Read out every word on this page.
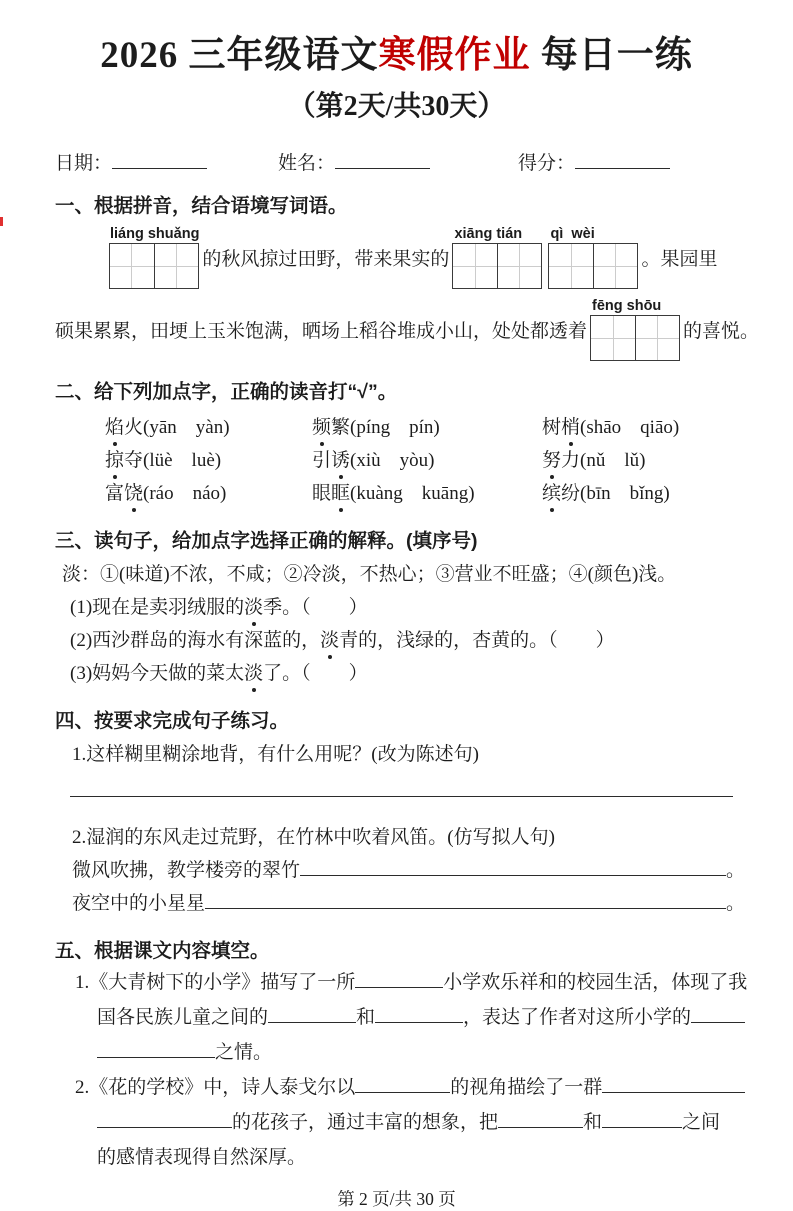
2026 三年级语文寒假作业 每日一练
（第2天/共30天）
日期：	姓名：	得分：
一、根据拼音，结合语境写词语。
liáng shuǎng
的秋风掠过田野，带来果实的
xiāng tián qì  wèi
。果园里
硕果累累，田埂上玉米饱满，晒场上稻谷堆成小山，处处都透着
fēng shōu
的喜悦。
二、给下列加点字，正确的读音打“√”。
焰 火(yān　yàn)	频 繁(píng　pín)	树 梢 (shāo　qiāo)
掠 夺(lüè　luè)	引 诱 (xiù　yòu)	努 力(nǔ　lǔ)
富 饶 (ráo　náo)	眼 眶 (kuàng　kuāng)	缤 纷(bīn　bǐng)
三、读句子，给加点字选择正确的解释。(填序号)
淡：①(味道)不浓，不咸；②冷淡，不热心；③营业不旺盛；④(颜色)浅。
(1)现在是卖羽绒服的 淡 季。（　　）
(2)西沙群岛的海水有深蓝的， 淡 青的，浅绿的，杏黄的。（　　）
(3)妈妈今天做的菜太 淡 了。（　　）
四、按要求完成句子练习。
1.这样糊里糊涂地背，有什么用呢？(改为陈述句)
2.湿润的东风走过荒野，在竹林中吹着风笛。(仿写拟人句)
微风吹拂，教学楼旁的翠竹	。
夜空中的小星星	。
五、根据课文内容填空。
1.《大青树下的小学》描写了一所	小学欢乐祥和的校园生活，体现了我
国各民族儿童之间的	和	，表达了作者对这所小学的
之情。
2.《花的学校》中，诗人泰戈尔以	的视角描绘了一群
的花孩子，通过丰富的想象，把	和	之间
的感情表现得自然深厚。
第 2 页/共 30 页
